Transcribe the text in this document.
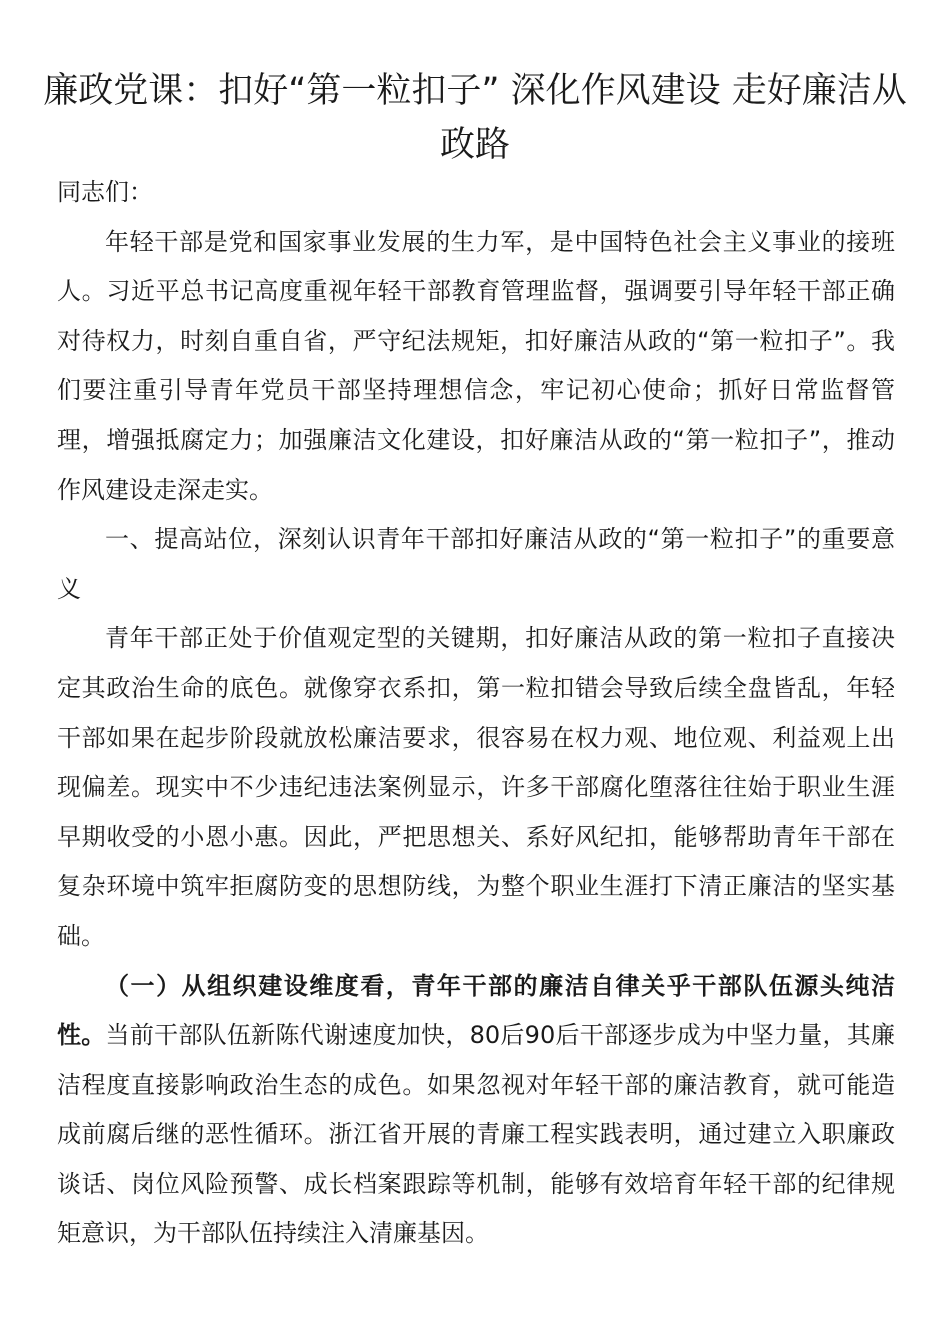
廉政党课：扣好“第一粒扣子” 深化作风建设 走好廉洁从政路

同志们：

年轻干部是党和国家事业发展的生力军，是中国特色社会主义事业的接班人。习近平总书记高度重视年轻干部教育管理监督，强调要引导年轻干部正确对待权力，时刻自重自省，严守纪法规矩，扣好廉洁从政的“第一粒扣子”。我们要注重引导青年党员干部坚持理想信念，牢记初心使命；抓好日常监督管理，增强抵腐定力；加强廉洁文化建设，扣好廉洁从政的“第一粒扣子”，推动作风建设走深走实。

一、提高站位，深刻认识青年干部扣好廉洁从政的“第一粒扣子”的重要意义

青年干部正处于价值观定型的关键期，扣好廉洁从政的第一粒扣子直接决定其政治生命的底色。就像穿衣系扣，第一粒扣错会导致后续全盘皆乱，年轻干部如果在起步阶段就放松廉洁要求，很容易在权力观、地位观、利益观上出现偏差。现实中不少违纪违法案例显示，许多干部腐化堕落往往始于职业生涯早期收受的小恩小惠。因此，严把思想关、系好风纪扣，能够帮助青年干部在复杂环境中筑牢拒腐防变的思想防线，为整个职业生涯打下清正廉洁的坚实基础。

（一）从组织建设维度看，青年干部的廉洁自律关乎干部队伍源头纯洁性。当前干部队伍新陈代谢速度加快，80后90后干部逐步成为中坚力量，其廉洁程度直接影响政治生态的成色。如果忽视对年轻干部的廉洁教育，就可能造成前腐后继的恶性循环。浙江省开展的青廉工程实践表明，通过建立入职廉政谈话、岗位风险预警、成长档案跟踪等机制，能够有效培育年轻干部的纪律规矩意识，为干部队伍持续注入清廉基因。
